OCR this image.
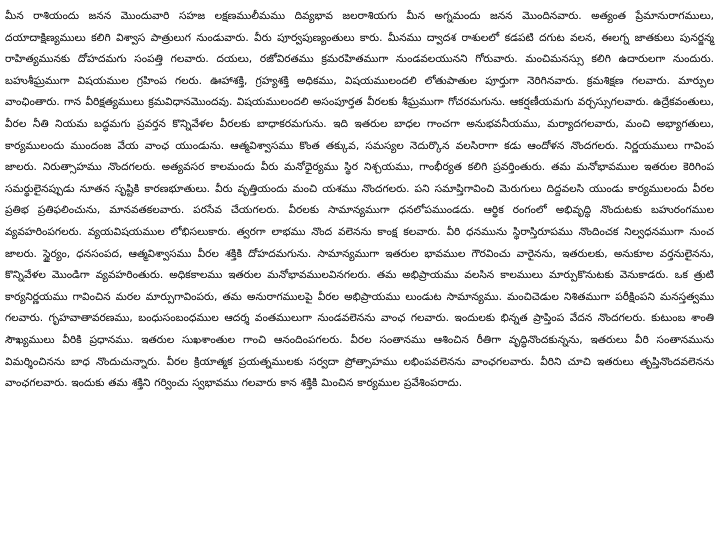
మీన రాశియందు జనన మొందువారి సహజ లక్షణములీమము దివ్యభావ జలరాశియగు మీన అగ్నమందు జనన మొందినవారు. అత్యంత ప్రేమానురాగములు, దయాదాక్షిణ్యములు కలిగి విశ్వాస పాత్రులుగ నుండువారు. వీరు పూర్వపుణ్యంతులు కారు. మీనము ద్వాదశ రాశులలో కడపటి దగుట వలన, ఈలగ్న జాతకులు పునర్జన్మ రాహిత్యమునకు దోహదమగు సంపత్తి గలవారు. దయలు, రజోవిరతము క్రమరహితముగా నుండవలయునని గోరువారు. మంచిమనస్సు కలిగి ఉదారులగా నుందురు. బహుశీఘ్రముగా విషయముల గ్రహింప గలరు. ఊహాశక్తి, గ్రహ్యశక్తి అధికము, విషయములందలి లోతుపాతుల పూర్తుగా నెరిగినవారు. క్రమశిక్షణ గలవారు. మార్పుల వాంఛింతారు. గాన వీరిక్షత్యములు క్రమవిధానమొందవు. విషయములందలి అసంపూర్తత వీరలకు శీఘ్రముగా గోచరమగును. ఆకర్షణీయమగు వర్చస్సుగలవారు. ఉద్రేకవంతులు, వీరల నీతి నియమ బద్ధమగు ప్రవర్తన కొన్నివేళల వీరలకు బాధాకరమగును. ఇది ఇతరుల బాధల గాంచగా అనుభవనీయము, మర్యాదగలవారు, మంచి అభ్యాగతులు, కార్యములందు ముందంజ వేయ వాంఛ యుండును. ఆత్మవిశ్వాసము కొంత తక్కువ, సమస్యల నెదుర్కొన వలసిరాగా కడు ఆందోళన నొందగలరు. నిర్ణయములు గావింప జాలరు. నిరుత్సాహము నొందగలరు. అత్యవసర కాలమందు వీరు మనోధైర్యము స్థిర నిశ్చయము, గాంభీర్యత కలిగి ప్రవర్తింతురు. తమ మనోభావముల ఇతరుల కెరిగింప సమర్థులైనప్పుడు నూతన సృష్టికి కారణభూతులు. వీరు వృత్తియందు మంచి యశము నొందగలరు. పని సమాప్తిగావించి మెరుగులు దిద్దవలసి యుండు కార్యములందు వీరల ప్రతిభ ప్రతిఫలించును, మానవతకలవారు. పరసేవ చేయగలరు. వీరలకు సామాన్యముగా ధనలోపముండదు. ఆర్థిక రంగంలో అభివృద్ధి నొందుటకు బహురంగముల వ్యవహరింపగలరు. వ్యయవిషయముల లోభిసలుకారు. త్వరగా లాభము నొంద వలెనను కాంక్ష కలవారు. వీరి ధనమును స్థిరాస్తిరూపము నొందించక నిల్వధనముగా నుంచ జాలరు. స్థైర్యం, ధనసంపద, ఆత్మవిశ్వాసము వీరల శక్తికి దోహదమగును. సామాన్యముగా ఇతరుల భావముల గౌరవించు వారైనను, ఇతరులకు, అనుకూల వర్తనులైనను, కొన్నివేళల మొండిగా వ్యవహరింతురు. అధికకాలము ఇతరుల మనోభావములవినగలరు. తమ అభిప్రాయము వలసిన కాలములు మార్పుకొనుటకు వెనుకాడరు. ఒక త్రుటి కార్యనిర్ణయము గావించిన మరల మార్పుగావింపరు, తమ అనురాగములపై వీరల అభిప్రాయము లుండుట సామాన్యము. మంచిచెడుల నిశితముగా పరీక్షింపని మనస్తత్వము గలవారు. గృహవాతావరణము, బంధుసంబంధముల ఆదర్శ వంతములుగా నుండవలెనను వాంఛ గలవారు. ఇందులకు భిన్నత ప్రాప్తింప వేదన నొందగలరు. కుటుంబ శాంతి సౌఖ్యములు వీరికి ప్రధానము. ఇతరుల సుఖశాంతుల గాంచి ఆనందింపగలరు. వీరల సంతానము ఆశించిన రీతిగా వృద్ధినొందకున్నను, ఇతరులు వీరి సంతానమును విమర్శించినను బాధ నొందుచున్నారు. వీరల క్రియాత్మక ప్రయత్నములకు సర్వదా ప్రోత్సాహము లభింపవలెనను వాంఛగలవారు. వీరిని చూచి ఇతరులు తృప్తినొందవలెనను వాంఛగలవారు. ఇందుకు తమ శక్తిని గర్వించు స్వభావము గలవారు కాన శక్తికి మించిన కార్యముల ప్రవేశింపరాదు.
